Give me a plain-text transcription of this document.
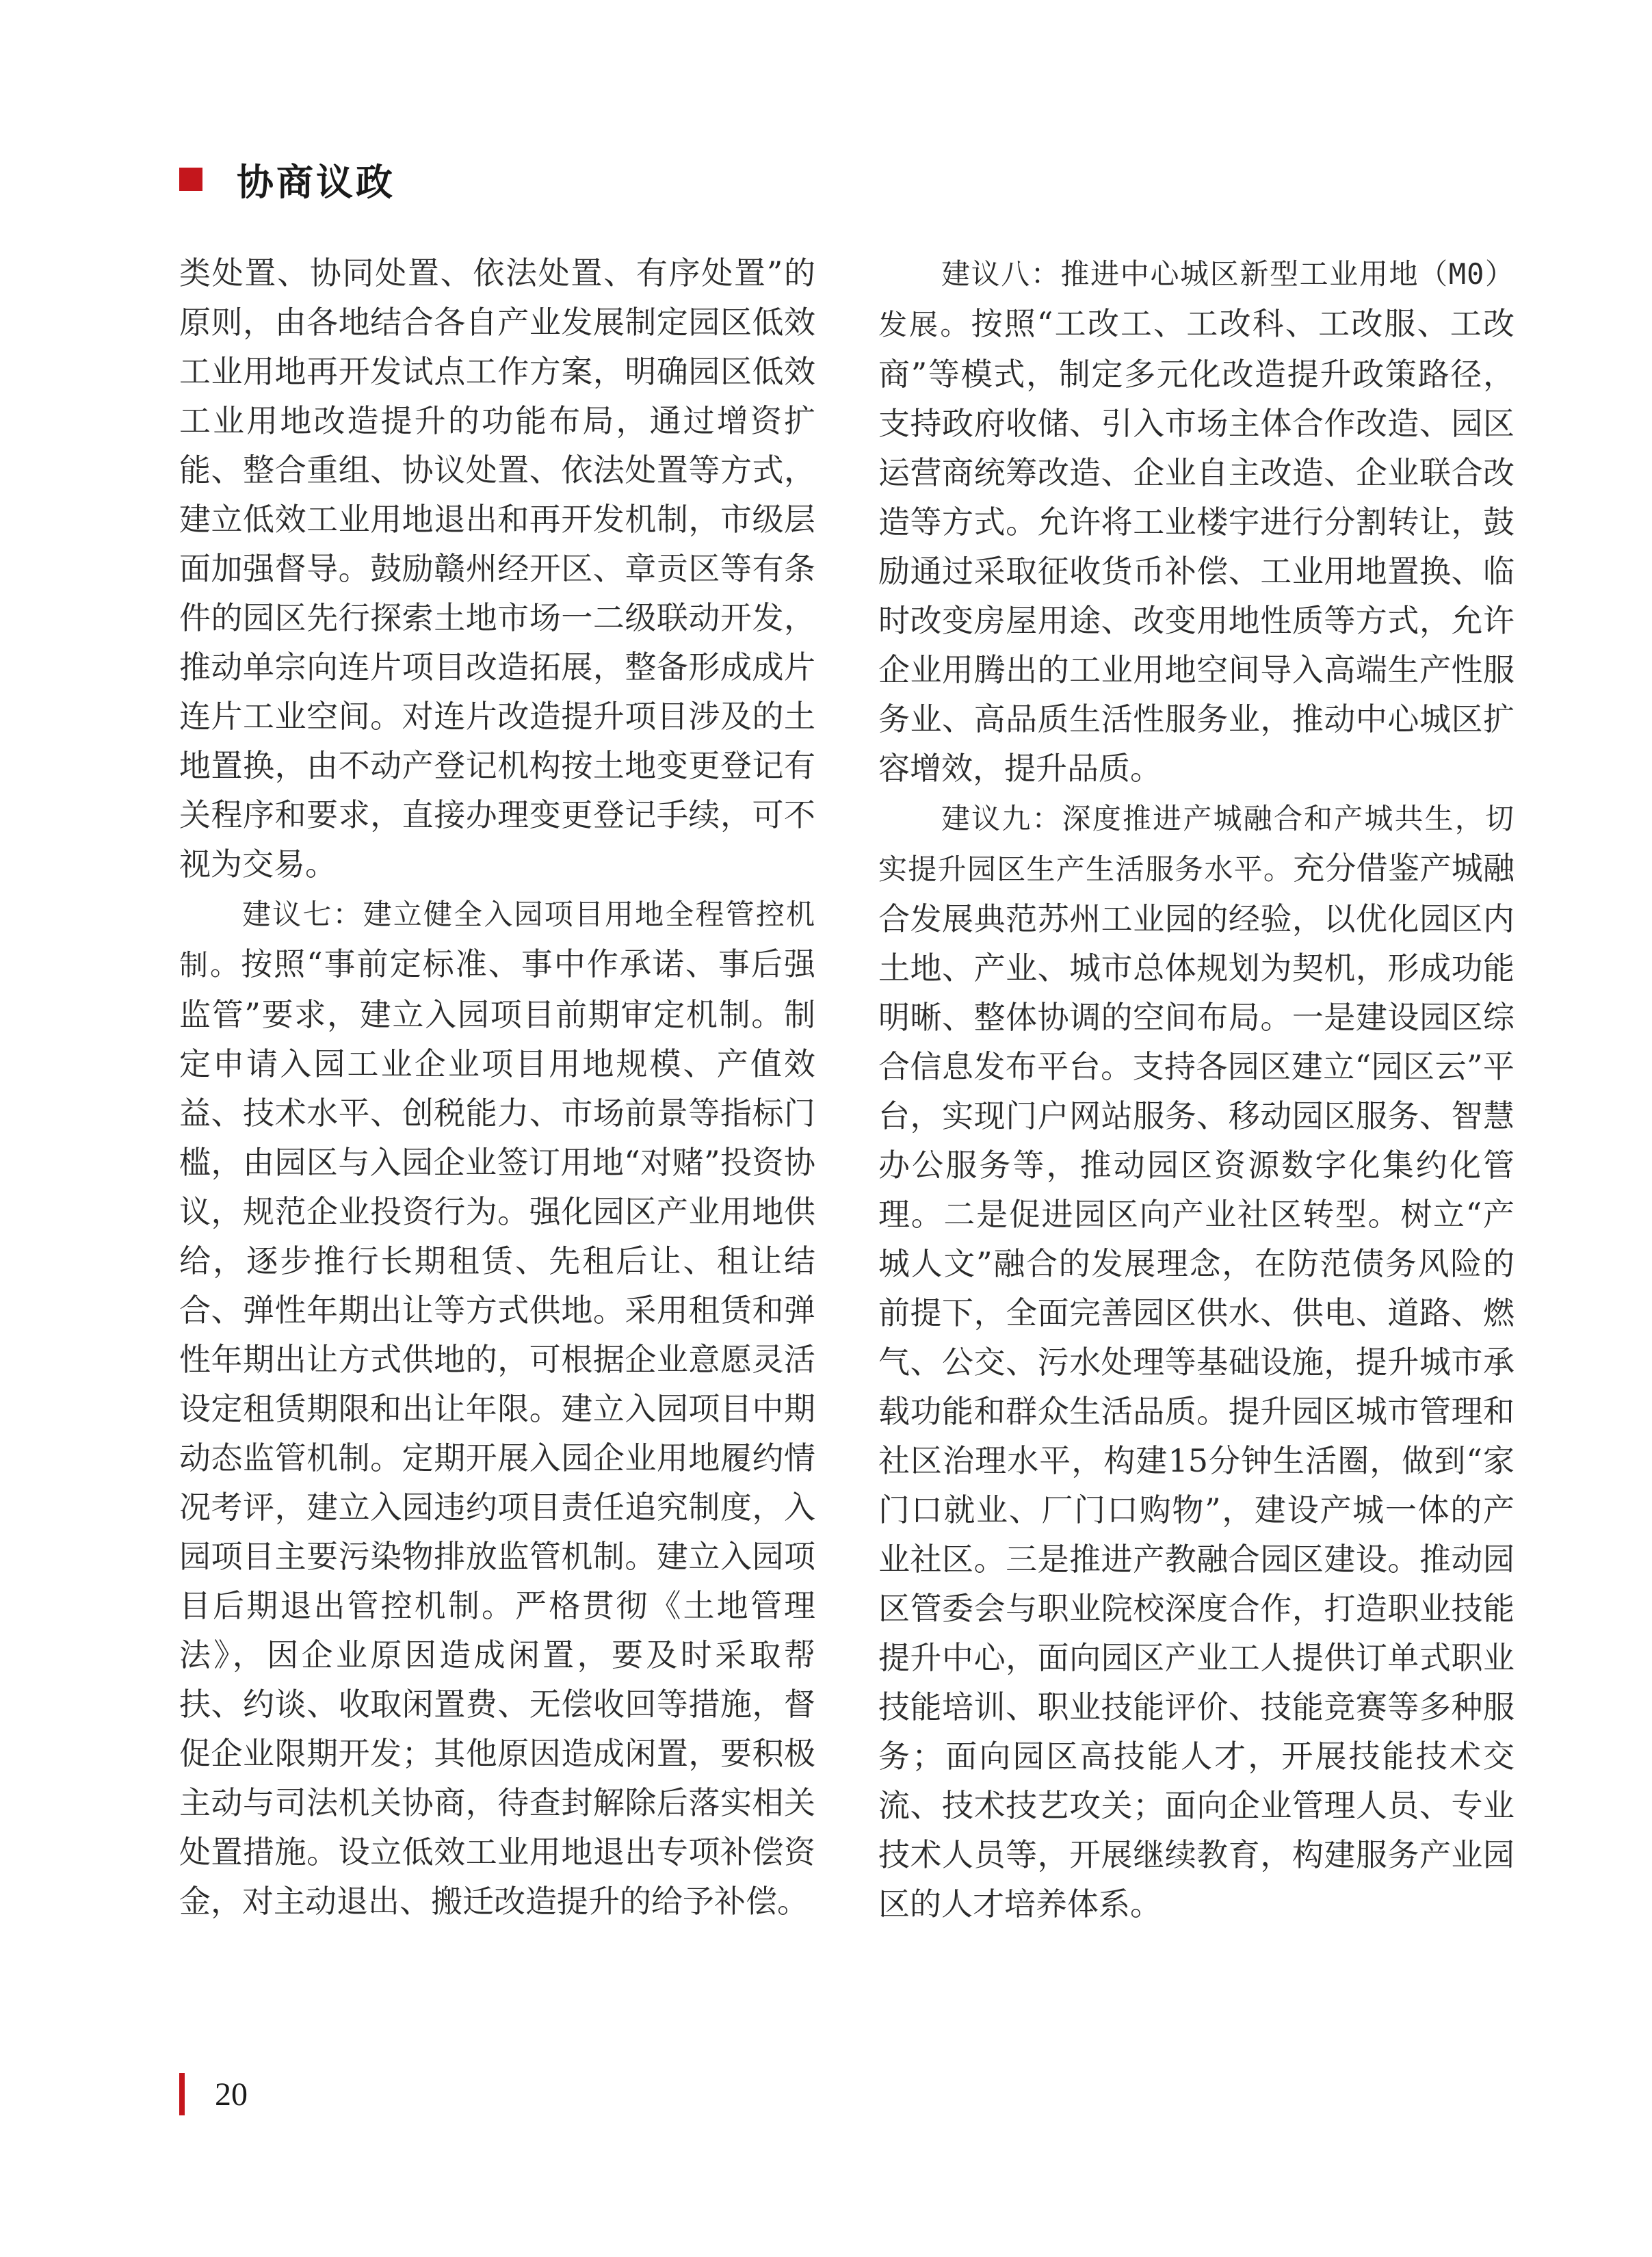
协商议政

类处置、协同处置、依法处置、有序处置”的原则，由各地结合各自产业发展制定园区低效工业用地再开发试点工作方案，明确园区低效工业用地改造提升的功能布局，通过增资扩能、整合重组、协议处置、依法处置等方式，建立低效工业用地退出和再开发机制，市级层面加强督导。鼓励赣州经开区、章贡区等有条件的园区先行探索土地市场一二级联动开发，推动单宗向连片项目改造拓展，整备形成成片连片工业空间。对连片改造提升项目涉及的土地置换，由不动产登记机构按土地变更登记有关程序和要求，直接办理变更登记手续，可不视为交易。

建议七：建立健全入园项目用地全程管控机制。按照“事前定标准、事中作承诺、事后强监管”要求，建立入园项目前期审定机制。制定申请入园工业企业项目用地规模、产值效益、技术水平、创税能力、市场前景等指标门槛，由园区与入园企业签订用地“对赌”投资协议，规范企业投资行为。强化园区产业用地供给，逐步推行长期租赁、先租后让、租让结合、弹性年期出让等方式供地。采用租赁和弹性年期出让方式供地的，可根据企业意愿灵活设定租赁期限和出让年限。建立入园项目中期动态监管机制。定期开展入园企业用地履约情况考评，建立入园违约项目责任追究制度，入园项目主要污染物排放监管机制。建立入园项目后期退出管控机制。严格贯彻《土地管理法》，因企业原因造成闲置，要及时采取帮扶、约谈、收取闲置费、无偿收回等措施，督促企业限期开发；其他原因造成闲置，要积极主动与司法机关协商，待查封解除后落实相关处置措施。设立低效工业用地退出专项补偿资金，对主动退出、搬迁改造提升的给予补偿。

建议八：推进中心城区新型工业用地（M0）发展。按照“工改工、工改科、工改服、工改商”等模式，制定多元化改造提升政策路径，支持政府收储、引入市场主体合作改造、园区运营商统筹改造、企业自主改造、企业联合改造等方式。允许将工业楼宇进行分割转让，鼓励通过采取征收货币补偿、工业用地置换、临时改变房屋用途、改变用地性质等方式，允许企业用腾出的工业用地空间导入高端生产性服务业、高品质生活性服务业，推动中心城区扩容增效，提升品质。

建议九：深度推进产城融合和产城共生，切实提升园区生产生活服务水平。充分借鉴产城融合发展典范苏州工业园的经验，以优化园区内土地、产业、城市总体规划为契机，形成功能明晰、整体协调的空间布局。一是建设园区综合信息发布平台。支持各园区建立“园区云”平台，实现门户网站服务、移动园区服务、智慧办公服务等，推动园区资源数字化集约化管理。二是促进园区向产业社区转型。树立“产城人文”融合的发展理念，在防范债务风险的前提下，全面完善园区供水、供电、道路、燃气、公交、污水处理等基础设施，提升城市承载功能和群众生活品质。提升园区城市管理和社区治理水平，构建15分钟生活圈，做到“家门口就业、厂门口购物”，建设产城一体的产业社区。三是推进产教融合园区建设。推动园区管委会与职业院校深度合作，打造职业技能提升中心，面向园区产业工人提供订单式职业技能培训、职业技能评价、技能竞赛等多种服务；面向园区高技能人才，开展技能技术交流、技术技艺攻关；面向企业管理人员、专业技术人员等，开展继续教育，构建服务产业园区的人才培养体系。

20
